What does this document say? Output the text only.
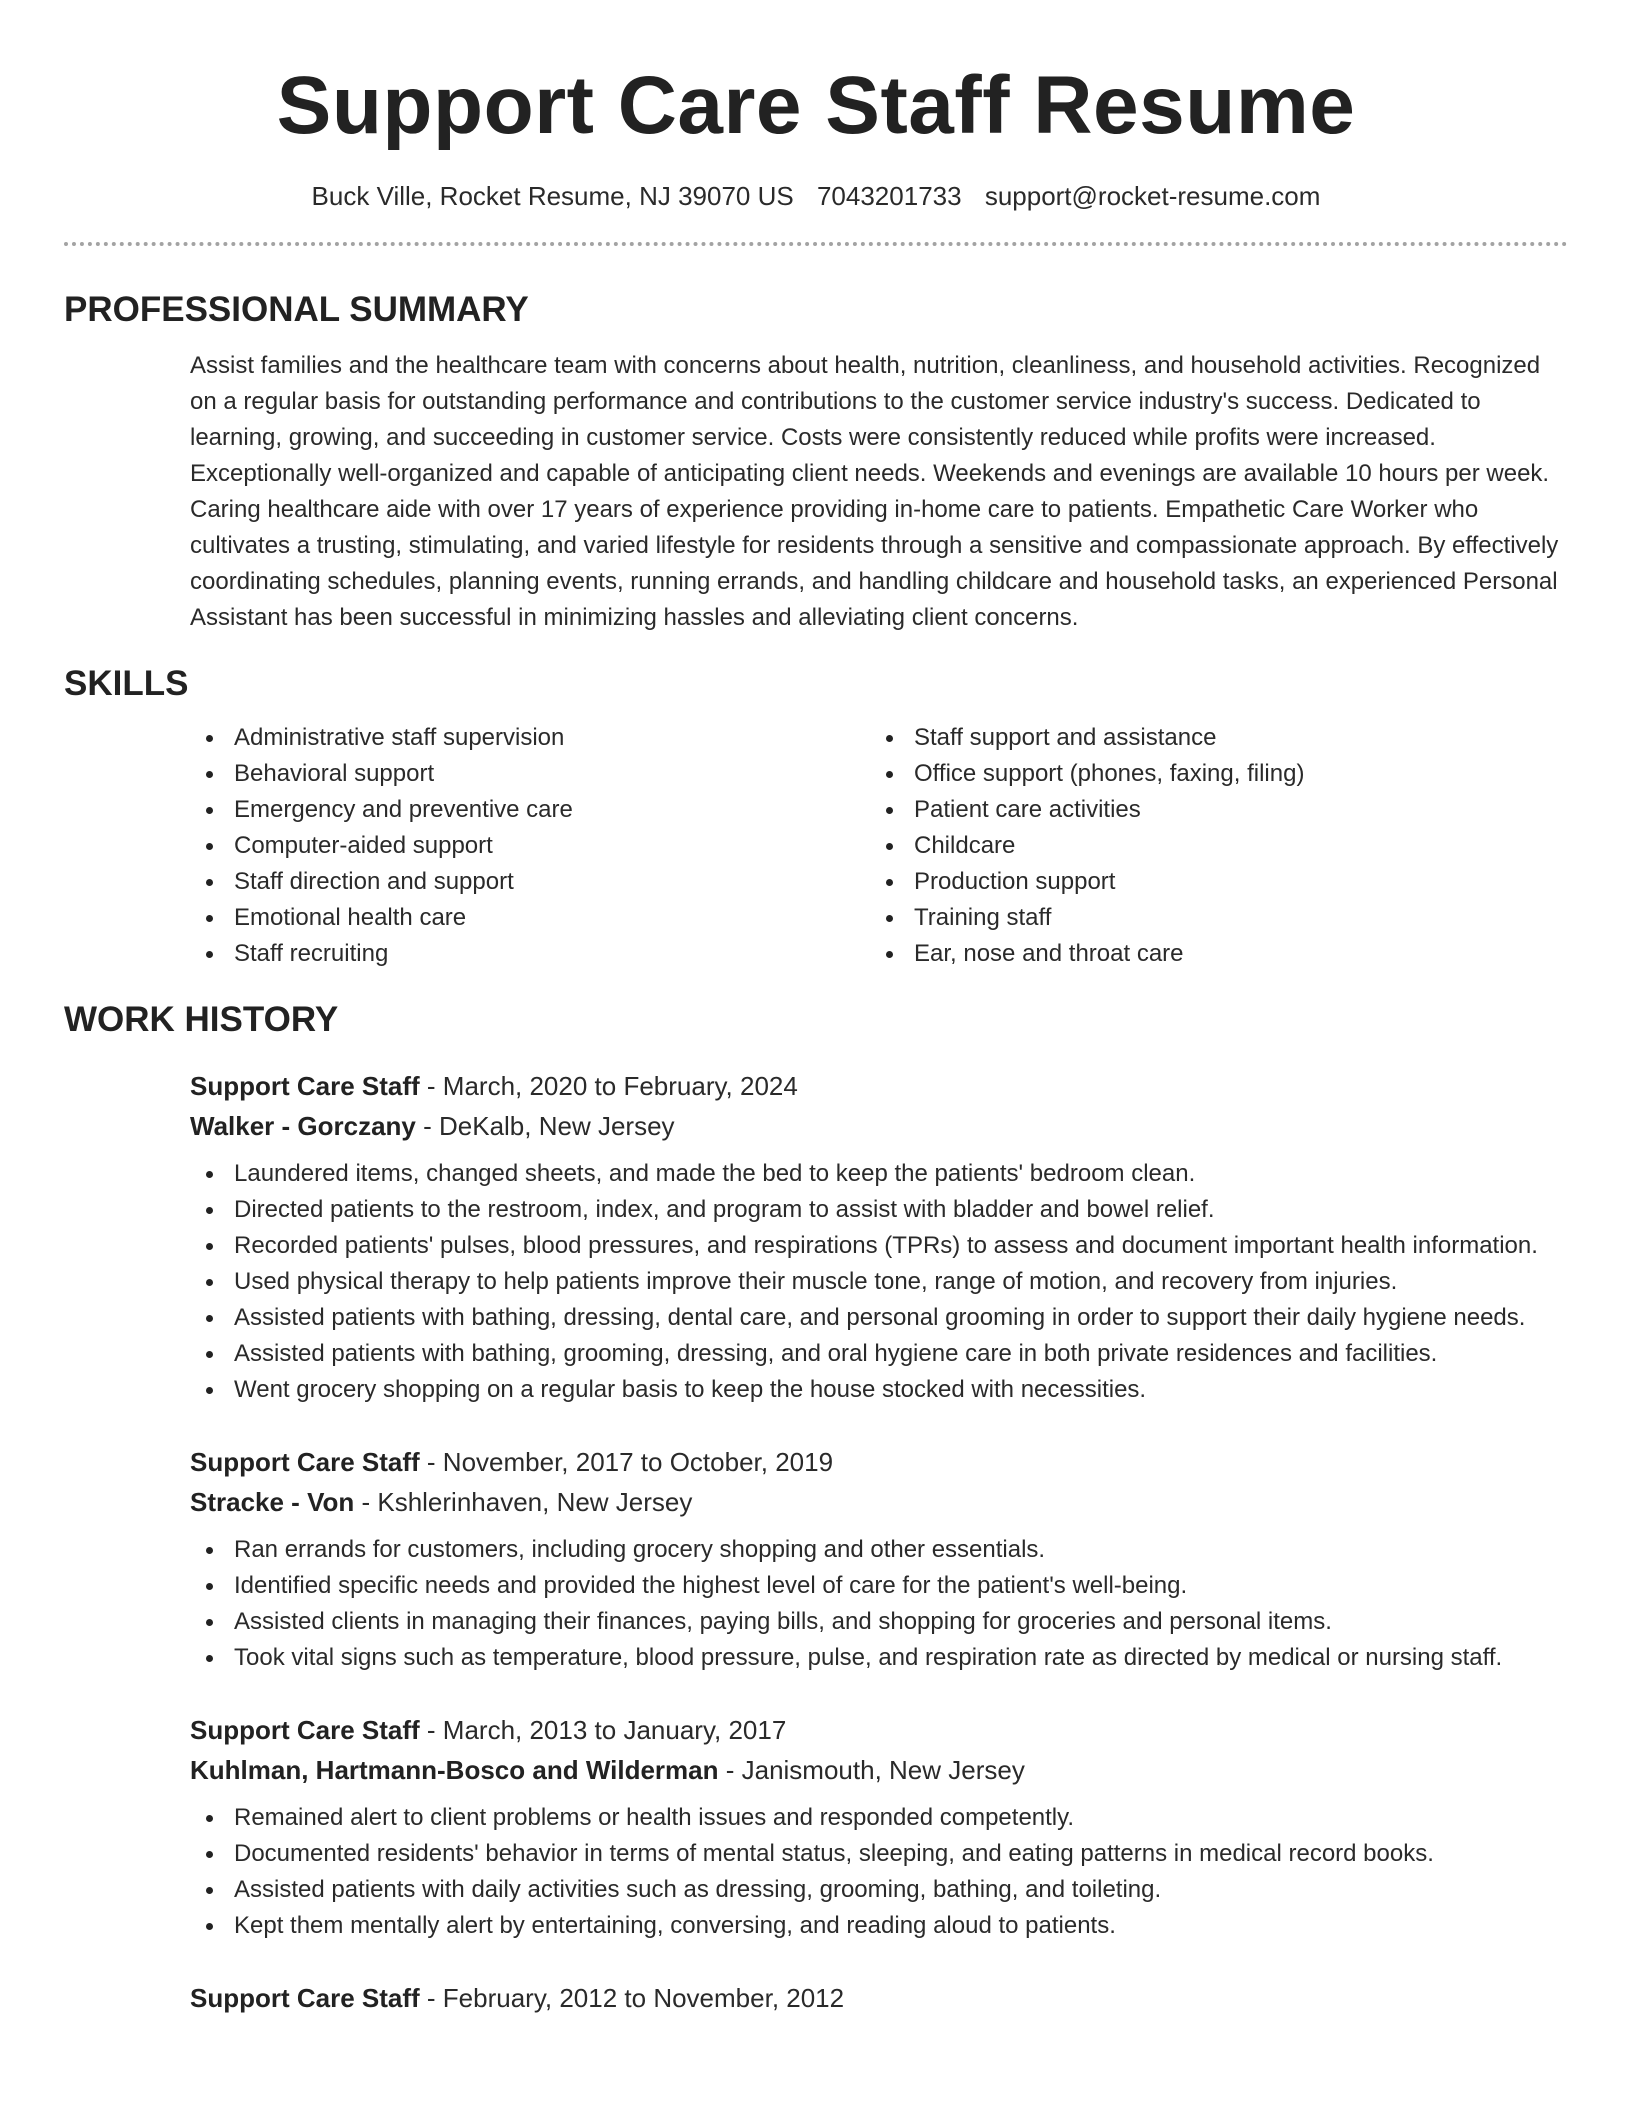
Support Care Staff Resume
Buck Ville, Rocket Resume, NJ 39070 US 7043201733 support@rocket-resume.com
PROFESSIONAL SUMMARY

Assist families and the healthcare team with concerns about health, nutrition, cleanliness, and household activities. Recognized on a regular basis for outstanding performance and contributions to the customer service industry's success. Dedicated to learning, growing, and succeeding in customer service. Costs were consistently reduced while profits were increased. Exceptionally well-organized and capable of anticipating client needs. Weekends and evenings are available 10 hours per week. Caring healthcare aide with over 17 years of experience providing in-home care to patients. Empathetic Care Worker who cultivates a trusting, stimulating, and varied lifestyle for residents through a sensitive and compassionate approach. By effectively coordinating schedules, planning events, running errands, and handling childcare and household tasks, an experienced Personal Assistant has been successful in minimizing hassles and alleviating client concerns.

SKILLS
Administrative staff supervision
Behavioral support
Emergency and preventive care
Computer-aided support
Staff direction and support
Emotional health care
Staff recruiting
Staff support and assistance
Office support (phones, faxing, filing)
Patient care activities
Childcare
Production support
Training staff
Ear, nose and throat care
WORK HISTORY
Support Care Staff - March, 2020 to February, 2024
Walker - Gorczany - DeKalb, New Jersey
Laundered items, changed sheets, and made the bed to keep the patients' bedroom clean.
Directed patients to the restroom, index, and program to assist with bladder and bowel relief.
Recorded patients' pulses, blood pressures, and respirations (TPRs) to assess and document important health information.
Used physical therapy to help patients improve their muscle tone, range of motion, and recovery from injuries.
Assisted patients with bathing, dressing, dental care, and personal grooming in order to support their daily hygiene needs.
Assisted patients with bathing, grooming, dressing, and oral hygiene care in both private residences and facilities.
Went grocery shopping on a regular basis to keep the house stocked with necessities.
Support Care Staff - November, 2017 to October, 2019
Stracke - Von - Kshlerinhaven, New Jersey
Ran errands for customers, including grocery shopping and other essentials.
Identified specific needs and provided the highest level of care for the patient's well-being.
Assisted clients in managing their finances, paying bills, and shopping for groceries and personal items.
Took vital signs such as temperature, blood pressure, pulse, and respiration rate as directed by medical or nursing staff.
Support Care Staff - March, 2013 to January, 2017
Kuhlman, Hartmann-Bosco and Wilderman - Janismouth, New Jersey
Remained alert to client problems or health issues and responded competently.
Documented residents' behavior in terms of mental status, sleeping, and eating patterns in medical record books.
Assisted patients with daily activities such as dressing, grooming, bathing, and toileting.
Kept them mentally alert by entertaining, conversing, and reading aloud to patients.
Support Care Staff - February, 2012 to November, 2012
